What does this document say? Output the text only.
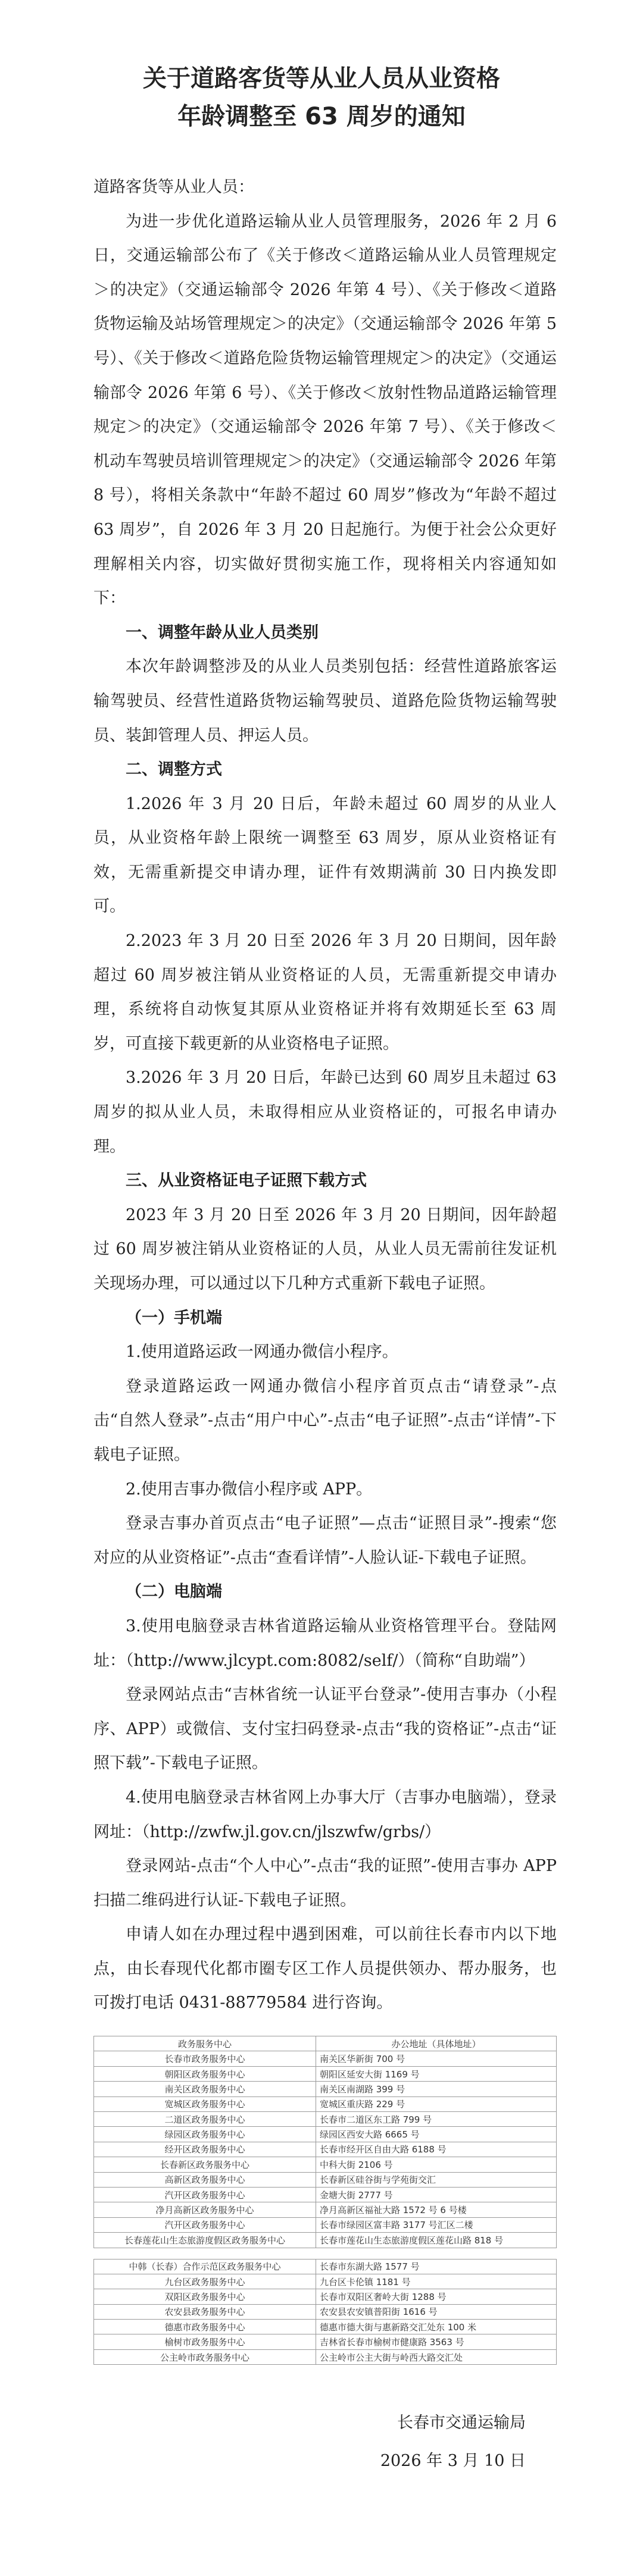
关于道路客货等从业人员从业资格
年龄调整至 63 周岁的通知

道路客货等从业人员：

为进一步优化道路运输从业人员管理服务，2026 年 2 月 6 日，交通运输部公布了《关于修改＜道路运输从业人员管理规定＞的决定》（交通运输部令 2026 年第 4 号）、《关于修改＜道路货物运输及站场管理规定＞的决定》（交通运输部令 2026 年第 5 号）、《关于修改＜道路危险货物运输管理规定＞的决定》（交通运输部令 2026 年第 6 号）、《关于修改＜放射性物品道路运输管理规定＞的决定》（交通运输部令 2026 年第 7 号）、《关于修改＜机动车驾驶员培训管理规定＞的决定》（交通运输部令 2026 年第 8 号），将相关条款中“年龄不超过 60 周岁”修改为“年龄不超过 63 周岁”，自 2026 年 3 月 20 日起施行。为便于社会公众更好理解相关内容，切实做好贯彻实施工作，现将相关内容通知如下：

一、调整年龄从业人员类别

本次年龄调整涉及的从业人员类别包括：经营性道路旅客运输驾驶员、经营性道路货物运输驾驶员、道路危险货物运输驾驶员、装卸管理人员、押运人员。

二、调整方式

1.2026 年 3 月 20 日后，年龄未超过 60 周岁的从业人员，从业资格年龄上限统一调整至 63 周岁，原从业资格证有效，无需重新提交申请办理，证件有效期满前 30 日内换发即可。

2.2023 年 3 月 20 日至 2026 年 3 月 20 日期间，因年龄超过 60 周岁被注销从业资格证的人员，无需重新提交申请办理，系统将自动恢复其原从业资格证并将有效期延长至 63 周岁，可直接下载更新的从业资格电子证照。

3.2026 年 3 月 20 日后，年龄已达到 60 周岁且未超过 63 周岁的拟从业人员，未取得相应从业资格证的，可报名申请办理。

三、从业资格证电子证照下载方式

2023 年 3 月 20 日至 2026 年 3 月 20 日期间，因年龄超过 60 周岁被注销从业资格证的人员，从业人员无需前往发证机关现场办理，可以通过以下几种方式重新下载电子证照。

（一）手机端

1.使用道路运政一网通办微信小程序。

登录道路运政一网通办微信小程序首页点击“请登录”-点击“自然人登录”-点击“用户中心”-点击“电子证照”-点击“详情”-下载电子证照。

2.使用吉事办微信小程序或 APP。

登录吉事办首页点击“电子证照”—点击“证照目录”-搜索“您对应的从业资格证”-点击“查看详情”-人脸认证-下载电子证照。

（二）电脑端

3.使用电脑登录吉林省道路运输从业资格管理平台。登陆网址：（http://www.jlcypt.com:8082/self/）（简称“自助端”）

登录网站点击“吉林省统一认证平台登录”-使用吉事办（小程序、APP）或微信、支付宝扫码登录-点击“我的资格证”-点击“证照下载”-下载电子证照。

4.使用电脑登录吉林省网上办事大厅（吉事办电脑端），登录网址：（http://zwfw.jl.gov.cn/jlszwfw/grbs/）

登录网站-点击“个人中心”-点击“我的证照”-使用吉事办 APP 扫描二维码进行认证-下载电子证照。

申请人如在办理过程中遇到困难，可以前往长春市内以下地点，由长春现代化都市圈专区工作人员提供领办、帮办服务，也可拨打电话 0431-88779584 进行咨询。

政务服务中心	办公地址（具体地址）
长春市政务服务中心	南关区华新街 700 号
朝阳区政务服务中心	朝阳区延安大街 1169 号
南关区政务服务中心	南关区南湖路 399 号
宽城区政务服务中心	宽城区重庆路 229 号
二道区政务服务中心	长春市二道区东工路 799 号
绿园区政务服务中心	绿园区西安大路 6665 号
经开区政务服务中心	长春市经开区自由大路 6188 号
长春新区政务服务中心	中科大街 2106 号
高新区政务服务中心	长春新区硅谷街与学苑街交汇
汽开区政务服务中心	金塘大街 2777 号
净月高新区政务服务中心	净月高新区福祉大路 1572 号 6 号楼
汽开区政务服务中心	长春市绿园区富丰路 3177 号汇区二楼
长春莲花山生态旅游度假区政务服务中心	长春市莲花山生态旅游度假区莲花山路 818 号
中韩（长春）合作示范区政务服务中心	长春市东湖大路 1577 号
九台区政务服务中心	九台区卡伦镇 1181 号
双阳区政务服务中心	长春市双阳区奢岭大街 1288 号
农安县政务服务中心	农安县农安镇普阳街 1616 号
德惠市政务服务中心	德惠市德大街与惠新路交汇处东 100 米
榆树市政务服务中心	吉林省长春市榆树市健康路 3563 号
公主岭市政务服务中心	公主岭市公主大街与岭西大路交汇处
长春市交通运输局
2026 年 3 月 10 日
